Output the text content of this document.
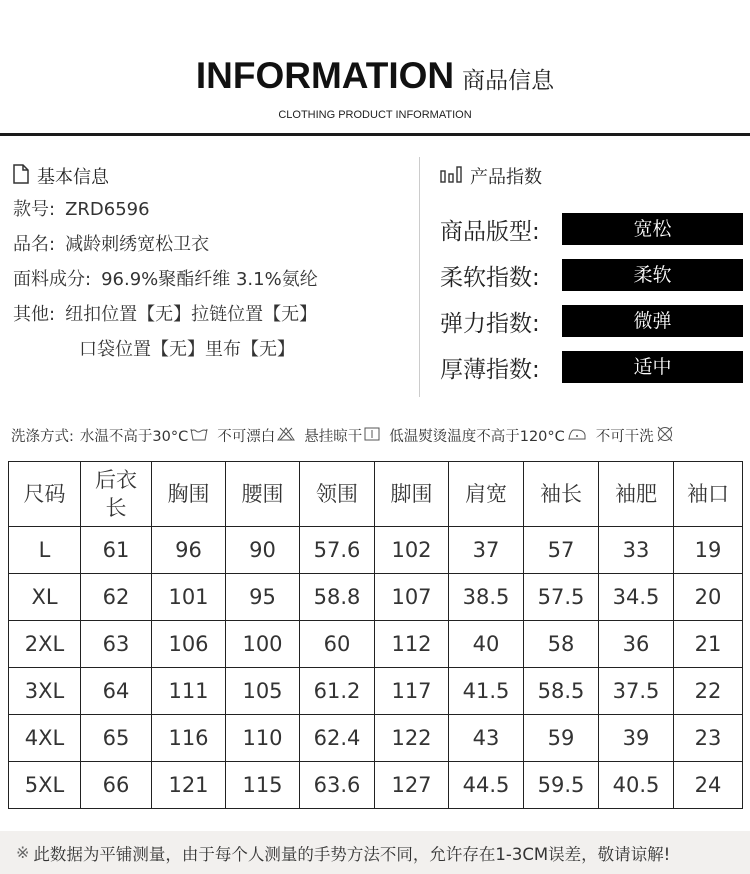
INFORMATION 商品信息
CLOTHING PRODUCT INFORMATION
基本信息
款号: ZRD6596
品名: 减龄刺绣宽松卫衣
面料成分: 96.9%聚酯纤维 3.1%氨纶
其他: 纽扣位置【无】拉链位置【无】
口袋位置【无】里布【无】
产品指数
商品版型:	宽松
柔软指数:	柔软
弹力指数:	微弹
厚薄指数:	适中
洗涤方式: 水温不高于30°C 不可漂白 悬挂晾干 低温熨烫温度不高于120°C 不可干洗
尺码	后衣长	胸围	腰围	领围	脚围	肩宽	袖长	袖肥	袖口
L	61	96	90	57.6	102	37	57	33	19
XL	62	101	95	58.8	107	38.5	57.5	34.5	20
2XL	63	106	100	60	112	40	58	36	21
3XL	64	111	105	61.2	117	41.5	58.5	37.5	22
4XL	65	116	110	62.4	122	43	59	39	23
5XL	66	121	115	63.6	127	44.5	59.5	40.5	24
※ 此数据为平铺测量，由于每个人测量的手势方法不同，允许存在1-3CM误差，敬请谅解!
